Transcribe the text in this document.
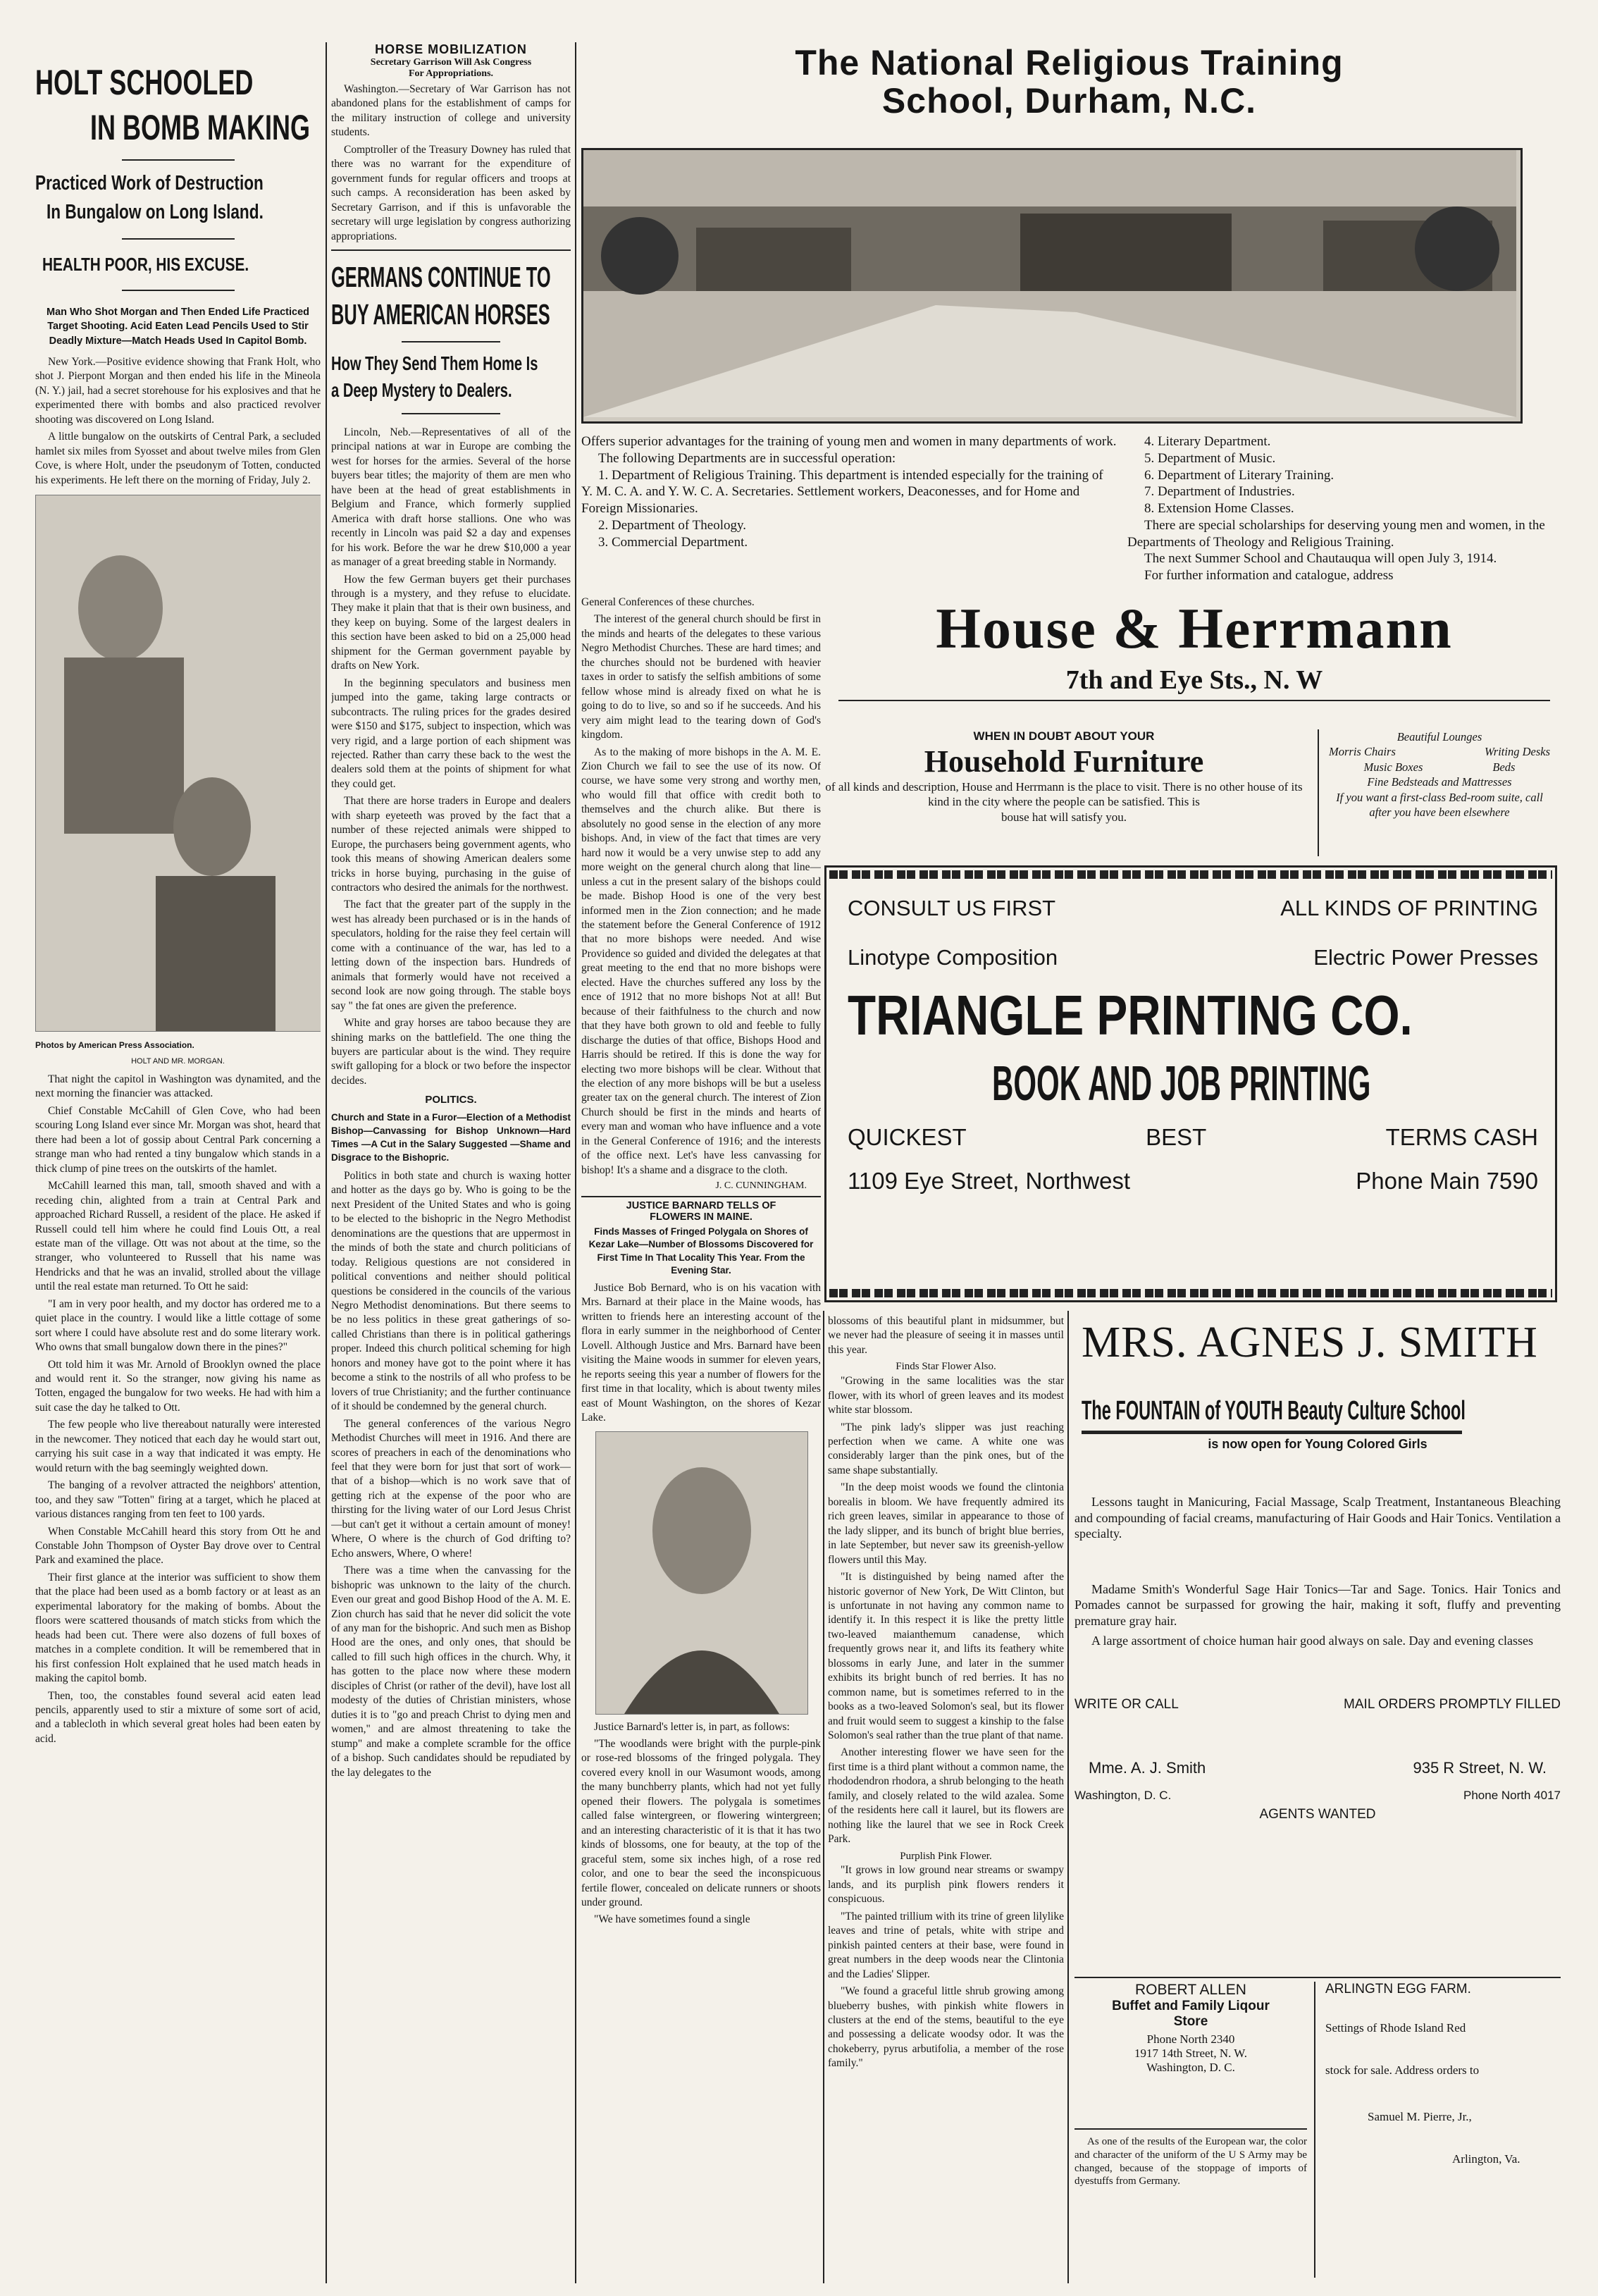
HOLT SCHOOLED
IN BOMB MAKING
Practiced Work of Destruction
In Bungalow on Long Island.
HEALTH POOR, HIS EXCUSE.
Man Who Shot Morgan and Then Ended Life Practiced Target Shooting. Acid Eaten Lead Pencils Used to Stir Deadly Mixture—Match Heads Used In Capitol Bomb.

New York.—Positive evidence showing that Frank Holt, who shot J. Pierpont Morgan and then ended his life in the Mineola (N. Y.) jail, had a secret storehouse for his explosives and that he experimented there with bombs and also practiced revolver shooting was discovered on Long Island.

A little bungalow on the outskirts of Central Park, a secluded hamlet six miles from Syosset and about twelve miles from Glen Cove, is where Holt, under the pseudonym of Totten, conducted his experiments. He left there on the morning of Friday, July 2.

Photos by American Press Association.
HOLT AND MR. MORGAN.

That night the capitol in Washington was dynamited, and the next morning the financier was attacked.

Chief Constable McCahill of Glen Cove, who had been scouring Long Island ever since Mr. Morgan was shot, heard that there had been a lot of gossip about Central Park concerning a strange man who had rented a tiny bungalow which stands in a thick clump of pine trees on the outskirts of the hamlet.

McCahill learned this man, tall, smooth shaved and with a receding chin, alighted from a train at Central Park and approached Richard Russell, a resident of the place. He asked if Russell could tell him where he could find Louis Ott, a real estate man of the village. Ott was not about at the time, so the stranger, who volunteered to Russell that his name was Hendricks and that he was an invalid, strolled about the village until the real estate man returned. To Ott he said:

"I am in very poor health, and my doctor has ordered me to a quiet place in the country. I would like a little cottage of some sort where I could have absolute rest and do some literary work. Who owns that small bungalow down there in the pines?"

Ott told him it was Mr. Arnold of Brooklyn owned the place and would rent it. So the stranger, now giving his name as Totten, engaged the bungalow for two weeks. He had with him a suit case the day he talked to Ott.

The few people who live thereabout naturally were interested in the newcomer. They noticed that each day he would start out, carrying his suit case in a way that indicated it was empty. He would return with the bag seemingly weighted down.

The banging of a revolver attracted the neighbors' attention, too, and they saw "Totten" firing at a target, which he placed at various distances ranging from ten feet to 100 yards.

When Constable McCahill heard this story from Ott he and Constable John Thompson of Oyster Bay drove over to Central Park and examined the place.

Their first glance at the interior was sufficient to show them that the place had been used as a bomb factory or at least as an experimental laboratory for the making of bombs. About the floors were scattered thousands of match sticks from which the heads had been cut. There were also dozens of full boxes of matches in a complete condition. It will be remembered that in his first confession Holt explained that he used match heads in making the capitol bomb.

Then, too, the constables found several acid eaten lead pencils, apparently used to stir a mixture of some sort of acid, and a tablecloth in which several great holes had been eaten by acid.

HORSE MOBILIZATION
Secretary Garrison Will Ask Congress
For Appropriations.

Washington.—Secretary of War Garrison has not abandoned plans for the establishment of camps for the military instruction of college and university students.

Comptroller of the Treasury Downey has ruled that there was no warrant for the expenditure of government funds for regular officers and troops at such camps. A reconsideration has been asked by Secretary Garrison, and if this is unfavorable the secretary will urge legislation by congress authorizing appropriations.

GERMANS CONTINUE TO
BUY AMERICAN HORSES
How They Send Them Home Is
a Deep Mystery to Dealers.

Lincoln, Neb.—Representatives of all of the principal nations at war in Europe are combing the west for horses for the armies. Several of the horse buyers bear titles; the majority of them are men who have been at the head of great establishments in Belgium and France, which formerly supplied America with draft horse stallions. One who was recently in Lincoln was paid $2 a day and expenses for his work. Before the war he drew $10,000 a year as manager of a great breeding stable in Normandy.

How the few German buyers get their purchases through is a mystery, and they refuse to elucidate. They make it plain that that is their own business, and they keep on buying. Some of the largest dealers in this section have been asked to bid on a 25,000 head shipment for the German government payable by drafts on New York.

In the beginning speculators and business men jumped into the game, taking large contracts or subcontracts. The ruling prices for the grades desired were $150 and $175, subject to inspection, which was very rigid, and a large portion of each shipment was rejected. Rather than carry these back to the west the dealers sold them at the points of shipment for what they could get.

That there are horse traders in Europe and dealers with sharp eyeteeth was proved by the fact that a number of these rejected animals were shipped to Europe, the purchasers being government agents, who took this means of showing American dealers some tricks in horse buying, purchasing in the guise of contractors who desired the animals for the northwest.

The fact that the greater part of the supply in the west has already been purchased or is in the hands of speculators, holding for the raise they feel certain will come with a continuance of the war, has led to a letting down of the inspection bars. Hundreds of animals that formerly would have not received a second look are now going through. The stable boys say " the fat ones are given the preference.

White and gray horses are taboo because they are shining marks on the battlefield. The one thing the buyers are particular about is the wind. They require swift galloping for a block or two before the inspector decides.

POLITICS.
Church and State in a Furor—Election of a Methodist Bishop—Canvassing for Bishop Unknown—Hard Times —A Cut in the Salary Suggested —Shame and Disgrace to the Bishopric.

Politics in both state and church is waxing hotter and hotter as the days go by. Who is going to be the next President of the United States and who is going to be elected to the bishopric in the Negro Methodist denominations are the questions that are uppermost in the minds of both the state and church politicians of today. Religious questions are not considered in political conventions and neither should political questions be considered in the councils of the various Negro Methodist denominations. But there seems to be no less politics in these great gatherings of so-called Christians than there is in political gatherings proper. Indeed this church political scheming for high honors and money have got to the point where it has become a stink to the nostrils of all who profess to be lovers of true Christianity; and the further continuance of it should be condemned by the general church.

The general conferences of the various Negro Methodist Churches will meet in 1916. And there are scores of preachers in each of the denominations who feel that they were born for just that sort of work—that of a bishop—which is no work save that of getting rich at the expense of the poor who are thirsting for the living water of our Lord Jesus Christ—but can't get it without a certain amount of money! Where, O where is the church of God drifting to? Echo answers, Where, O where!

There was a time when the canvassing for the bishopric was unknown to the laity of the church. Even our great and good Bishop Hood of the A. M. E. Zion church has said that he never did solicit the vote of any man for the bishopric. And such men as Bishop Hood are the ones, and only ones, that should be called to fill such high offices in the church. Why, it has gotten to the place now where these modern disciples of Christ (or rather of the devil), have lost all modesty of the duties of Christian ministers, whose duties it is to "go and preach Christ to dying men and women," and are almost threatening to take the stump" and make a complete scramble for the office of a bishop. Such candidates should be repudiated by the lay delegates to the

The National Religious Training
School, Durham, N.C.
Offers superior advantages for the training of young men and women in many departments of work.
The following Departments are in successful operation:
1. Department of Religious Training. This department is intended especially for the training of Y. M. C. A. and Y. W. C. A. Secretaries. Settlement workers, Deaconesses, and for Home and Foreign Missionaries.
2. Department of Theology.
3. Commercial Department.
4. Literary Department.
5. Department of Music.
6. Department of Literary Training.
7. Department of Industries.
8. Extension Home Classes.
There are special scholarships for deserving young men and women, in the Departments of Theology and Religious Training.
The next Summer School and Chautauqua will open July 3, 1914.
For further information and catalogue, address

General Conferences of these churches.

The interest of the general church should be first in the minds and hearts of the delegates to these various Negro Methodist Churches. These are hard times; and the churches should not be burdened with heavier taxes in order to satisfy the selfish ambitions of some fellow whose mind is already fixed on what he is going to do to live, so and so if he succeeds. And his very aim might lead to the tearing down of God's kingdom.

As to the making of more bishops in the A. M. E. Zion Church we fail to see the use of its now. Of course, we have some very strong and worthy men, who would fill that office with credit both to themselves and the church alike. But there is absolutely no good sense in the election of any more bishops. And, in view of the fact that times are very hard now it would be a very unwise step to add any more weight on the general church along that line—unless a cut in the present salary of the bishops could be made. Bishop Hood is one of the very best informed men in the Zion connection; and he made the statement before the General Conference of 1912 that no more bishops were needed. And wise Providence so guided and divided the delegates at that great meeting to the end that no more bishops were elected. Have the churches suffered any loss by the ence of 1912 that no more bishops Not at all! But because of their faithfulness to the church and now that they have both grown to old and feeble to fully discharge the duties of that office, Bishops Hood and Harris should be retired. If this is done the way for electing two more bishops will be clear. Without that the election of any more bishops will be but a useless greater tax on the general church. The interest of Zion Church should be first in the minds and hearts of every man and woman who have influence and a vote in the General Conference of 1916; and the interests of the office next. Let's have less canvassing for bishop! It's a shame and a disgrace to the cloth.

J. C. CUNNINGHAM.
JUSTICE BARNARD TELLS OF
FLOWERS IN MAINE.
Finds Masses of Fringed Polygala on Shores of Kezar Lake—Number of Blossoms Discovered for First Time In That Locality This Year. From the Evening Star.

Justice Bob Bernard, who is on his vacation with Mrs. Barnard at their place in the Maine woods, has written to friends here an interesting account of the flora in early summer in the neighborhood of Center Lovell. Although Justice and Mrs. Barnard have been visiting the Maine woods in summer for eleven years, he reports seeing this year a number of flowers for the first time in that locality, which is about twenty miles east of Mount Washington, on the shores of Kezar Lake.

Justice Barnard's letter is, in part, as follows:

"The woodlands were bright with the purple-pink or rose-red blossoms of the fringed polygala. They covered every knoll in our Wasumont woods, among the many bunchberry plants, which had not yet fully opened their flowers. The polygala is sometimes called false wintergreen, or flowering wintergreen; and an interesting characteristic of it is that it has two kinds of blossoms, one for beauty, at the top of the graceful stem, some six inches high, of a rose red color, and one to bear the seed the inconspicuous fertile flower, concealed on delicate runners or shoots under ground.

"We have sometimes found a single

House & Herrmann
7th and Eye Sts., N. W
WHEN IN DOUBT ABOUT YOUR
Household Furniture
of all kinds and description, House and Herrmann is the place to visit. There is no other house of its kind in the city where the people can be satisfied. This is
bouse hat will satisfy you.
Beautiful Lounges
Morris Chairs	Writing Desks
Music Boxes	Beds
Fine Bedsteads and Mattresses
If you want a first-class Bed-room suite, call after you have been elsewhere
CONSULT US FIRST	ALL KINDS OF PRINTING
Linotype Composition	Electric Power Presses
TRIANGLE PRINTING CO.
BOOK AND JOB PRINTING
QUICKEST	BEST	TERMS CASH
1109 Eye Street, Northwest	Phone Main 7590

blossoms of this beautiful plant in midsummer, but we never had the pleasure of seeing it in masses until this year.

Finds Star Flower Also.

"Growing in the same localities was the star flower, with its whorl of green leaves and its modest white star blossom.

"The pink lady's slipper was just reaching perfection when we came. A white one was considerably larger than the pink ones, but of the same shape substantially.

"In the deep moist woods we found the clintonia borealis in bloom. We have frequently admired its rich green leaves, similar in appearance to those of the lady slipper, and its bunch of bright blue berries, in late September, but never saw its greenish-yellow flowers until this May.

"It is distinguished by being named after the historic governor of New York, De Witt Clinton, but is unfortunate in not having any common name to identify it. In this respect it is like the pretty little two-leaved maianthemum canadense, which frequently grows near it, and lifts its feathery white blossoms in early June, and later in the summer exhibits its bright bunch of red berries. It has no common name, but is sometimes referred to in the books as a two-leaved Solomon's seal, but its flower and fruit would seem to suggest a kinship to the false Solomon's seal rather than the true plant of that name.

Another interesting flower we have seen for the first time is a third plant without a common name, the rhododendron rhodora, a shrub belonging to the heath family, and closely related to the wild azalea. Some of the residents here call it laurel, but its flowers are nothing like the laurel that we see in Rock Creek Park.

Purplish Pink Flower.

"It grows in low ground near streams or swampy lands, and its purplish pink flowers renders it conspicuous.

"The painted trillium with its trine of green lilylike leaves and trine of petals, white with stripe and pinkish painted centers at their base, were found in great numbers in the deep woods near the Clintonia and the Ladies' Slipper.

"We found a graceful little shrub growing among blueberry bushes, with pinkish white flowers in clusters at the end of the stems, beautiful to the eye and possessing a delicate woodsy odor. It was the chokeberry, pyrus arbutifolia, a member of the rose family."

MRS. AGNES J. SMITH
The FOUNTAIN of YOUTH Beauty Culture School
is now open for Young Colored Girls
Lessons taught in Manicuring, Facial Massage, Scalp Treatment, Instantaneous Bleaching and compounding of facial creams, manufacturing of Hair Goods and Hair Tonics. Ventilation a specialty.
Madame Smith's Wonderful Sage Hair Tonics—Tar and Sage. Tonics. Hair Tonics and Pomades cannot be surpassed for growing the hair, making it soft, fluffy and preventing premature gray hair.
A large assortment of choice human hair good always on sale. Day and evening classes
WRITE OR CALL	MAIL ORDERS PROMPTLY FILLED
Mme. A. J. Smith	935 R Street, N. W.
Washington, D. C.	Phone North 4017
AGENTS WANTED
ROBERT ALLEN
Buffet and Family Liqour
Store
Phone North 2340
1917 14th Street, N. W.
Washington, D. C.
ARLINGTN EGG FARM.
Settings of Rhode Island Red
stock for sale. Address orders to
Samuel M. Pierre, Jr.,
Arlington, Va.
As one of the results of the European war, the color and character of the uniform of the U S Army may be changed, because of the stoppage of imports of dyestuffs from Germany.
